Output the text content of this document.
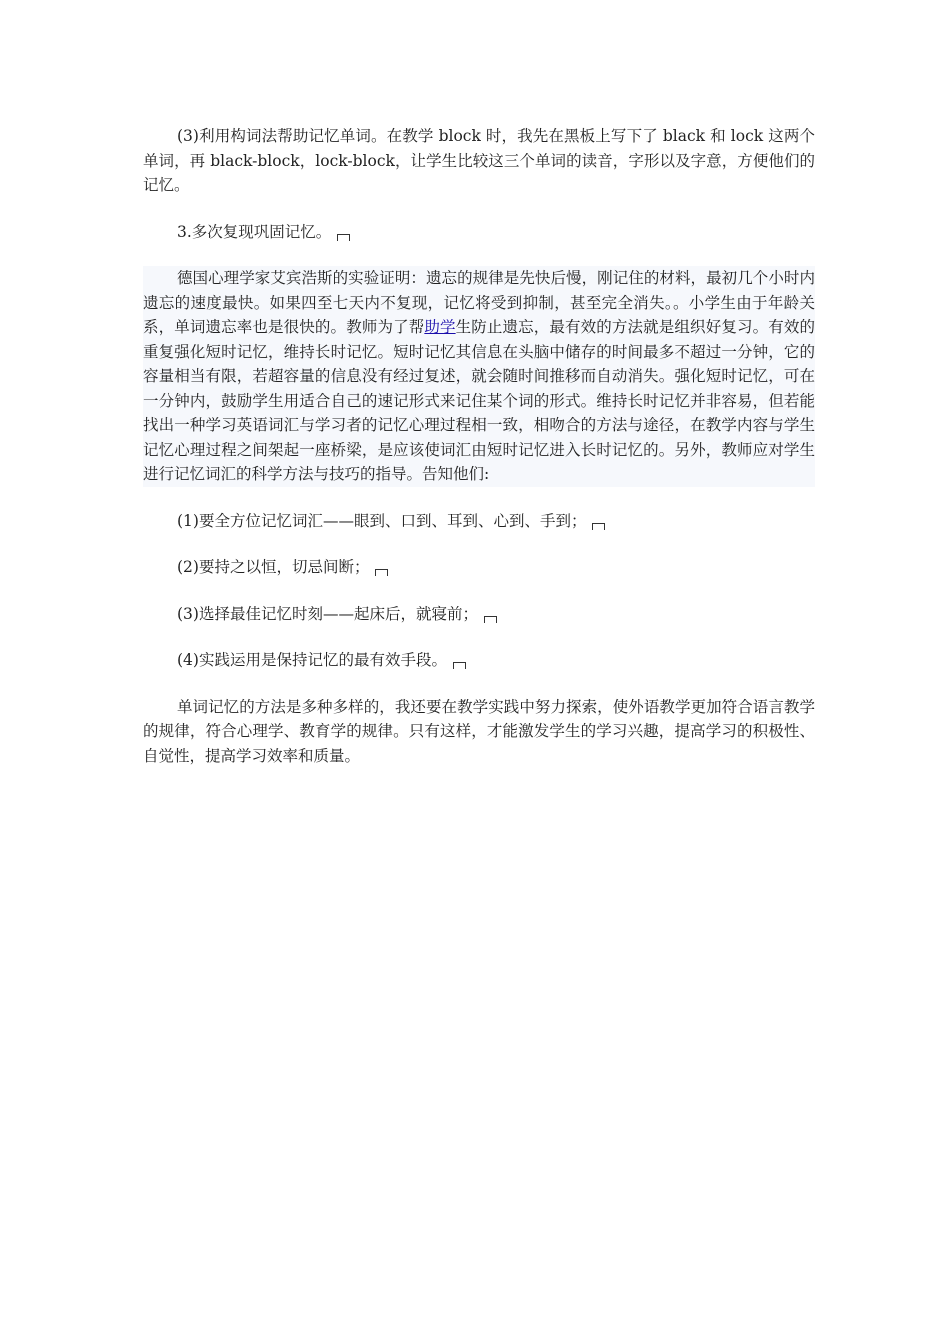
(3)利用构词法帮助记忆单词。在教学 block 时，我先在黑板上写下了 black 和 lock 这两个单词，再 black-block，lock-block，让学生比较这三个单词的读音，字形以及字意，方便他们的记忆。

3.多次复现巩固记忆。

德国心理学家艾宾浩斯的实验证明：遗忘的规律是先快后慢，刚记住的材料，最初几个小时内遗忘的速度最快。如果四至七天内不复现，记忆将受到抑制，甚至完全消失。。小学生由于年龄关系，单词遗忘率也是很快的。教师为了帮助学生防止遗忘，最有效的方法就是组织好复习。有效的重复强化短时记忆，维持长时记忆。短时记忆其信息在头脑中储存的时间最多不超过一分钟，它的容量相当有限，若超容量的信息没有经过复述，就会随时间推移而自动消失。强化短时记忆，可在一分钟内，鼓励学生用适合自己的速记形式来记住某个词的形式。维持长时记忆并非容易，但若能找出一种学习英语词汇与学习者的记忆心理过程相一致，相吻合的方法与途径，在教学内容与学生记忆心理过程之间架起一座桥梁，是应该使词汇由短时记忆进入长时记忆的。另外，教师应对学生进行记忆词汇的科学方法与技巧的指导。告知他们:

(1)要全方位记忆词汇——眼到、口到、耳到、心到、手到；

(2)要持之以恒，切忌间断；

(3)选择最佳记忆时刻——起床后，就寝前；

(4)实践运用是保持记忆的最有效手段。

单词记忆的方法是多种多样的，我还要在教学实践中努力探索，使外语教学更加符合语言教学的规律，符合心理学、教育学的规律。只有这样，才能激发学生的学习兴趣，提高学习的积极性、自觉性，提高学习效率和质量。
